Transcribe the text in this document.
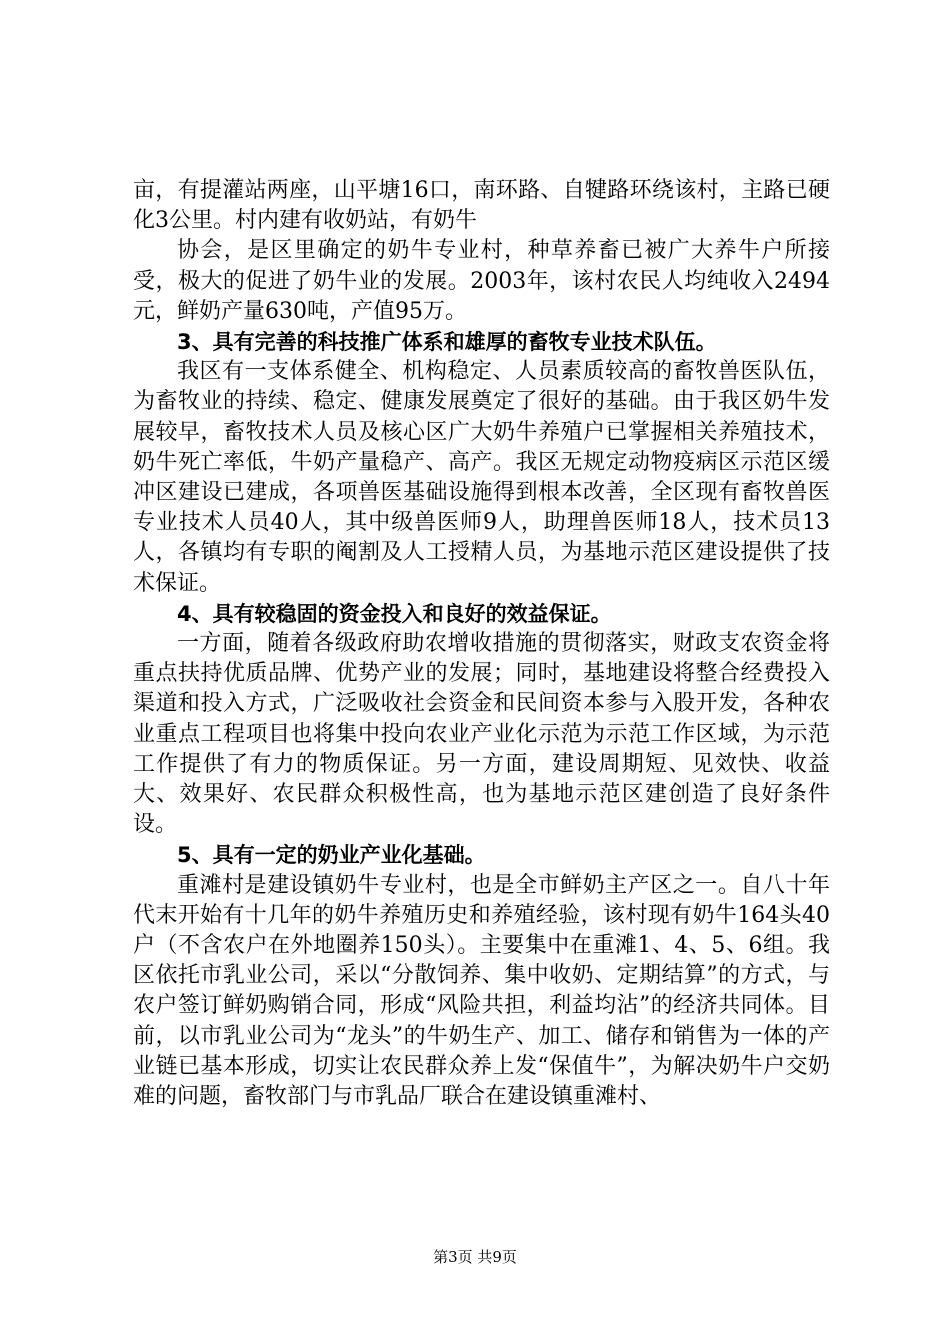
亩，有提灌站两座，山平塘16口，南环路、自犍路环绕该村，主路已硬化3公里。村内建有收奶站，有奶牛

协会，是区里确定的奶牛专业村，种草养畜已被广大养牛户所接受，极大的促进了奶牛业的发展。2003年，该村农民人均纯收入2494元，鲜奶产量630吨，产值95万。

3、具有完善的科技推广体系和雄厚的畜牧专业技术队伍。

我区有一支体系健全、机构稳定、人员素质较高的畜牧兽医队伍，为畜牧业的持续、稳定、健康发展奠定了很好的基础。由于我区奶牛发展较早，畜牧技术人员及核心区广大奶牛养殖户已掌握相关养殖技术，奶牛死亡率低，牛奶产量稳产、高产。我区无规定动物疫病区示范区缓冲区建设已建成，各项兽医基础设施得到根本改善，全区现有畜牧兽医专业技术人员40人，其中级兽医师9人，助理兽医师18人，技术员13人，各镇均有专职的阉割及人工授精人员，为基地示范区建设提供了技术保证。

4、具有较稳固的资金投入和良好的效益保证。

一方面，随着各级政府助农增收措施的贯彻落实，财政支农资金将重点扶持优质品牌、优势产业的发展；同时，基地建设将整合经费投入渠道和投入方式，广泛吸收社会资金和民间资本参与入股开发，各种农业重点工程项目也将集中投向农业产业化示范为示范工作区域，为示范工作提供了有力的物质保证。另一方面，建设周期短、见效快、收益大、效果好、农民群众积极性高，也为基地示范区建创造了良好条件设。

5、具有一定的奶业产业化基础。

重滩村是建设镇奶牛专业村，也是全市鲜奶主产区之一。自八十年代末开始有十几年的奶牛养殖历史和养殖经验，该村现有奶牛164头40户（不含农户在外地圈养150头）。主要集中在重滩1、4、5、6组。我区依托市乳业公司，采以“分散饲养、集中收奶、定期结算”的方式，与农户签订鲜奶购销合同，形成“风险共担，利益均沾”的经济共同体。目前，以市乳业公司为“龙头”的牛奶生产、加工、储存和销售为一体的产业链已基本形成，切实让农民群众养上发“保值牛”，为解决奶牛户交奶难的问题，畜牧部门与市乳品厂联合在建设镇重滩村、

第3页 共9页
